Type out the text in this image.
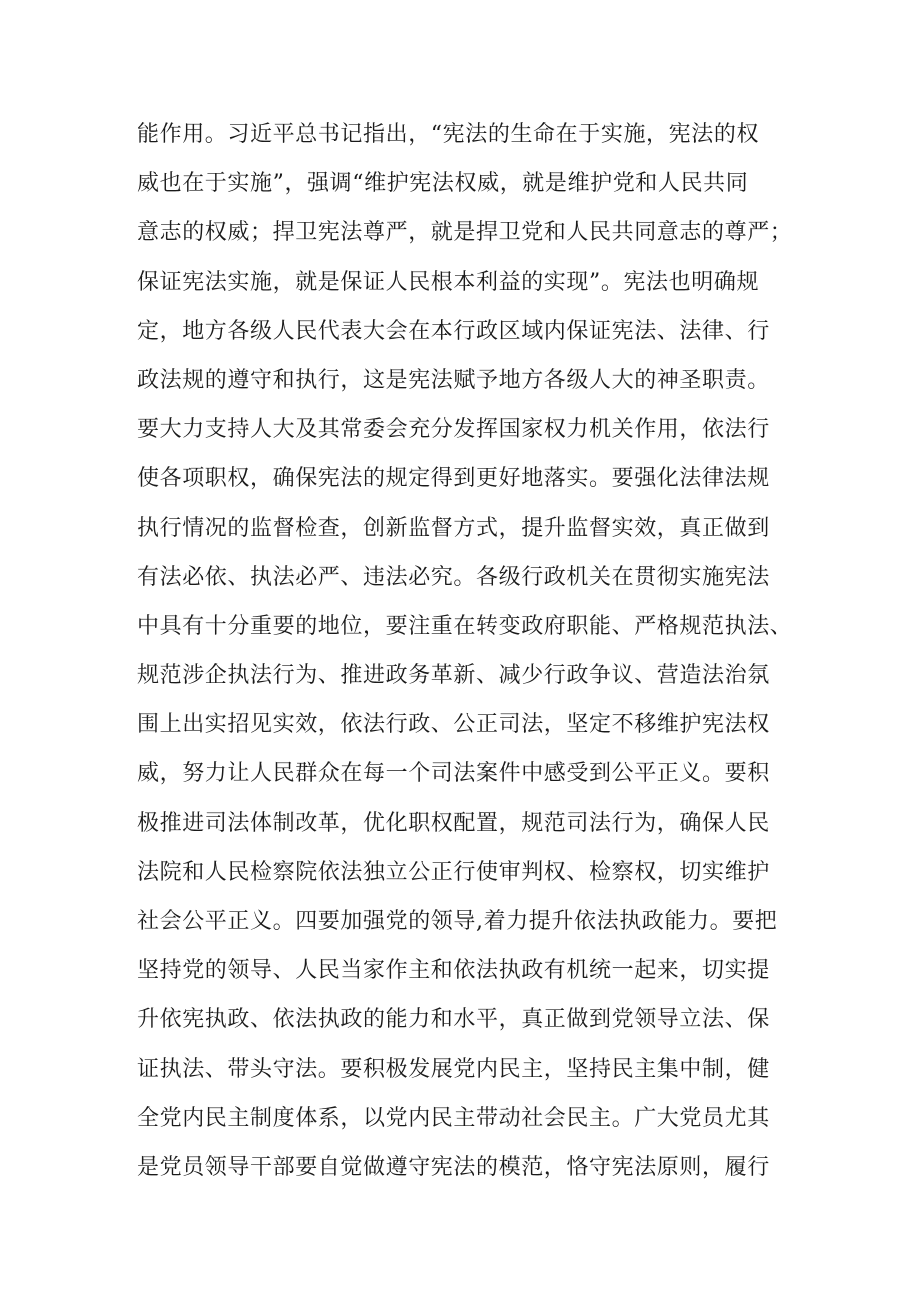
能作用。习近平总书记指出，“宪法的生命在于实施，宪法的权
威也在于实施”，强调“维护宪法权威，就是维护党和人民共同
意志的权威；捍卫宪法尊严，就是捍卫党和人民共同意志的尊严；
保证宪法实施，就是保证人民根本利益的实现”。宪法也明确规
定，地方各级人民代表大会在本行政区域内保证宪法、法律、行
政法规的遵守和执行，这是宪法赋予地方各级人大的神圣职责。
要大力支持人大及其常委会充分发挥国家权力机关作用，依法行
使各项职权，确保宪法的规定得到更好地落实。要强化法律法规
执行情况的监督检查，创新监督方式，提升监督实效，真正做到
有法必依、执法必严、违法必究。各级行政机关在贯彻实施宪法
中具有十分重要的地位，要注重在转变政府职能、严格规范执法、
规范涉企执法行为、推进政务革新、减少行政争议、营造法治氛
围上出实招见实效，依法行政、公正司法，坚定不移维护宪法权
威，努力让人民群众在每一个司法案件中感受到公平正义。要积
极推进司法体制改革，优化职权配置，规范司法行为，确保人民
法院和人民检察院依法独立公正行使审判权、检察权，切实维护
社会公平正义。四要加强党的领导,着力提升依法执政能力。要把
坚持党的领导、人民当家作主和依法执政有机统一起来，切实提
升依宪执政、依法执政的能力和水平，真正做到党领导立法、保
证执法、带头守法。要积极发展党内民主，坚持民主集中制，健
全党内民主制度体系，以党内民主带动社会民主。广大党员尤其
是党员领导干部要自觉做遵守宪法的模范，恪守宪法原则，履行
